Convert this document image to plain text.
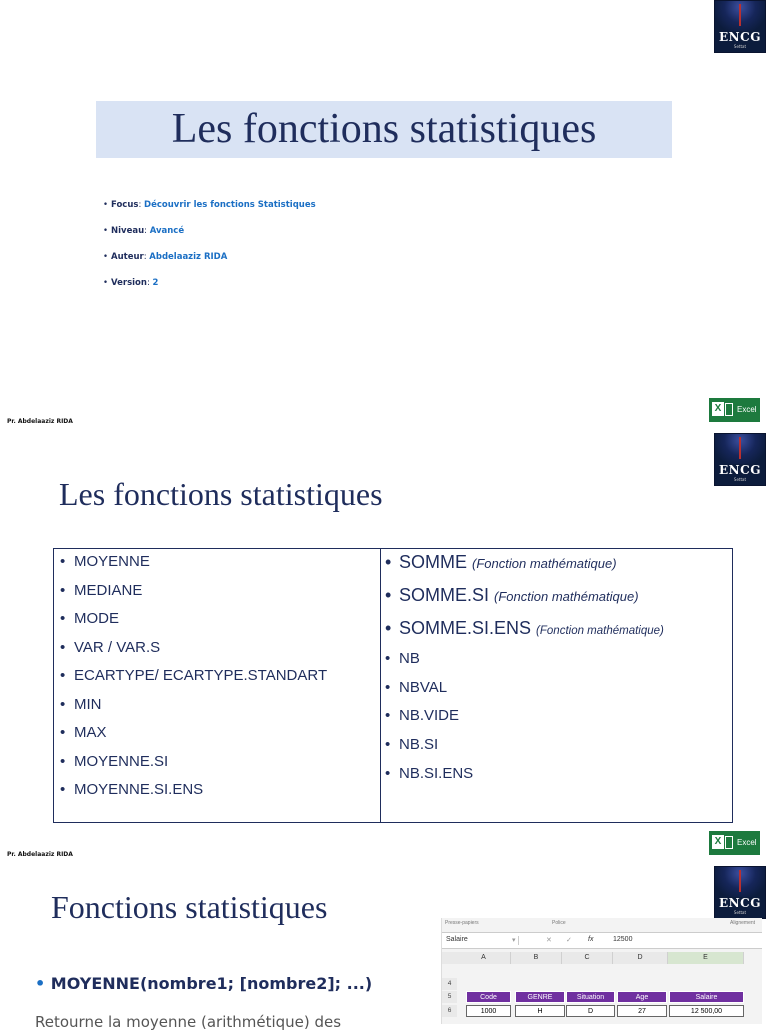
ENCG
Settat
Les fonctions statistiques
• Focus: Découvrir les fonctions Statistiques
• Niveau: Avancé
• Auteur: Abdelaaziz RIDA
• Version: 2
Pr. Abdelaaziz RIDA
X	Excel
ENCG
Settat
Pr. Abdelaaziz RIDA
X	Excel
Les fonctions statistiques
• MOYENNE
• MEDIANE
• MODE
• VAR / VAR.S
• ECARTYPE/ ECARTYPE.STANDART
• MIN
• MAX
• MOYENNE.SI
• MOYENNE.SI.ENS
• SOMME (Fonction mathématique)
• SOMME.SI (Fonction mathématique)
• SOMME.SI.ENS (Fonction mathématique)
• NB
• NBVAL
• NB.VIDE
• NB.SI
• NB.SI.ENS
ENCG
Settat
Fonctions statistiques
• MOYENNE(nombre1; [nombre2]; ...)
Retourne la moyenne (arithmétique) des
Presse-papiers	Police	Alignement
Salaire	▾	✕ ✓ fx	12500
A	B	C	D	E
4
5	Code	GENRE	Situation	Age	Salaire
6	1000	H	D	27	12 500,00
